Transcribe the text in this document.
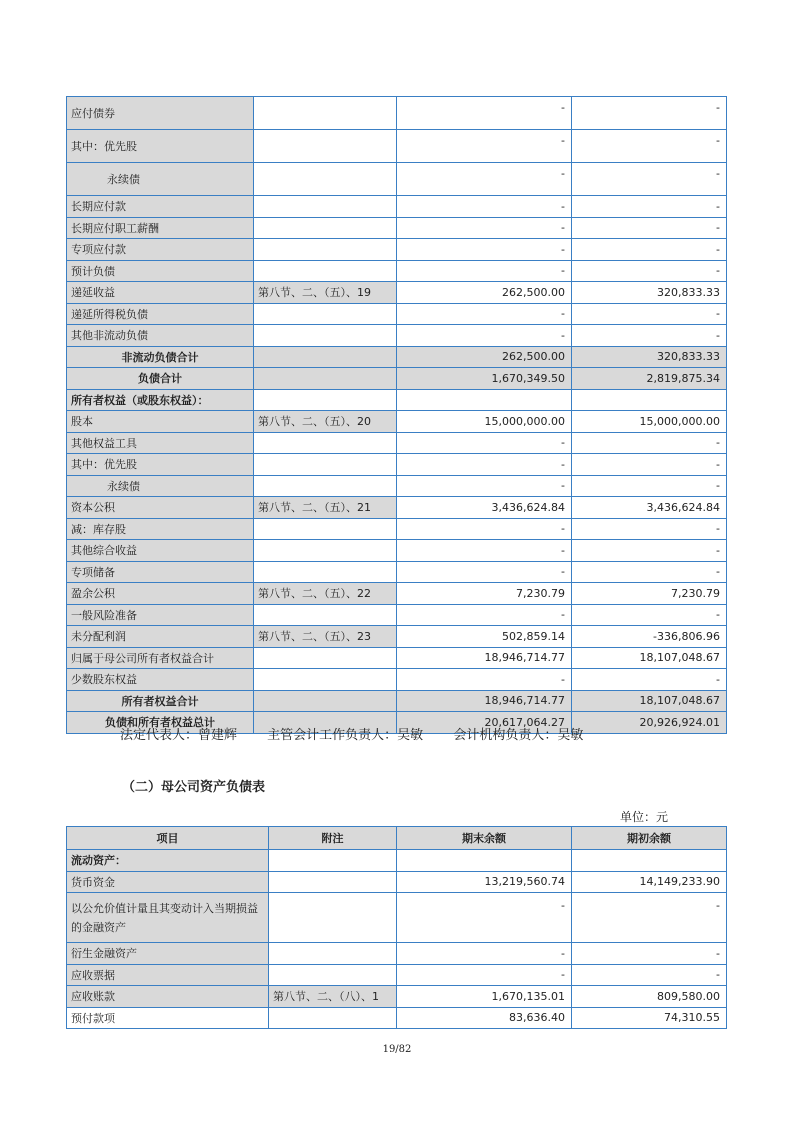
应付债券		-	-
其中：优先股		-	-
永续债		-	-
长期应付款		-	-
长期应付职工薪酬		-	-
专项应付款		-	-
预计负债		-	-
递延收益	第八节、二、（五）、19	262,500.00	320,833.33
递延所得税负债		-	-
其他非流动负债		-	-
非流动负债合计		262,500.00	320,833.33
负债合计		1,670,349.50	2,819,875.34
所有者权益（或股东权益）：			
股本	第八节、二、（五）、20	15,000,000.00	15,000,000.00
其他权益工具		-	-
其中：优先股		-	-
永续债		-	-
资本公积	第八节、二、（五）、21	3,436,624.84	3,436,624.84
减：库存股		-	-
其他综合收益		-	-
专项储备		-	-
盈余公积	第八节、二、（五）、22	7,230.79	7,230.79
一般风险准备		-	-
未分配利润	第八节、二、（五）、23	502,859.14	-336,806.96
归属于母公司所有者权益合计		18,946,714.77	18,107,048.67
少数股东权益		-	-
所有者权益合计		18,946,714.77	18,107,048.67
负债和所有者权益总计		20,617,064.27	20,926,924.01
法定代表人：曾建辉 主管会计工作负责人：吴敏 会计机构负责人：吴敏
（二）母公司资产负债表
单位：元
项目	附注	期末余额	期初余额
流动资产：			
货币资金		13,219,560.74	14,149,233.90
以公允价值计量且其变动计入当期损益的金融资产		-	-
衍生金融资产		-	-
应收票据		-	-
应收账款	第八节、二、（八）、1	1,670,135.01	809,580.00
预付款项		83,636.40	74,310.55
19/82
